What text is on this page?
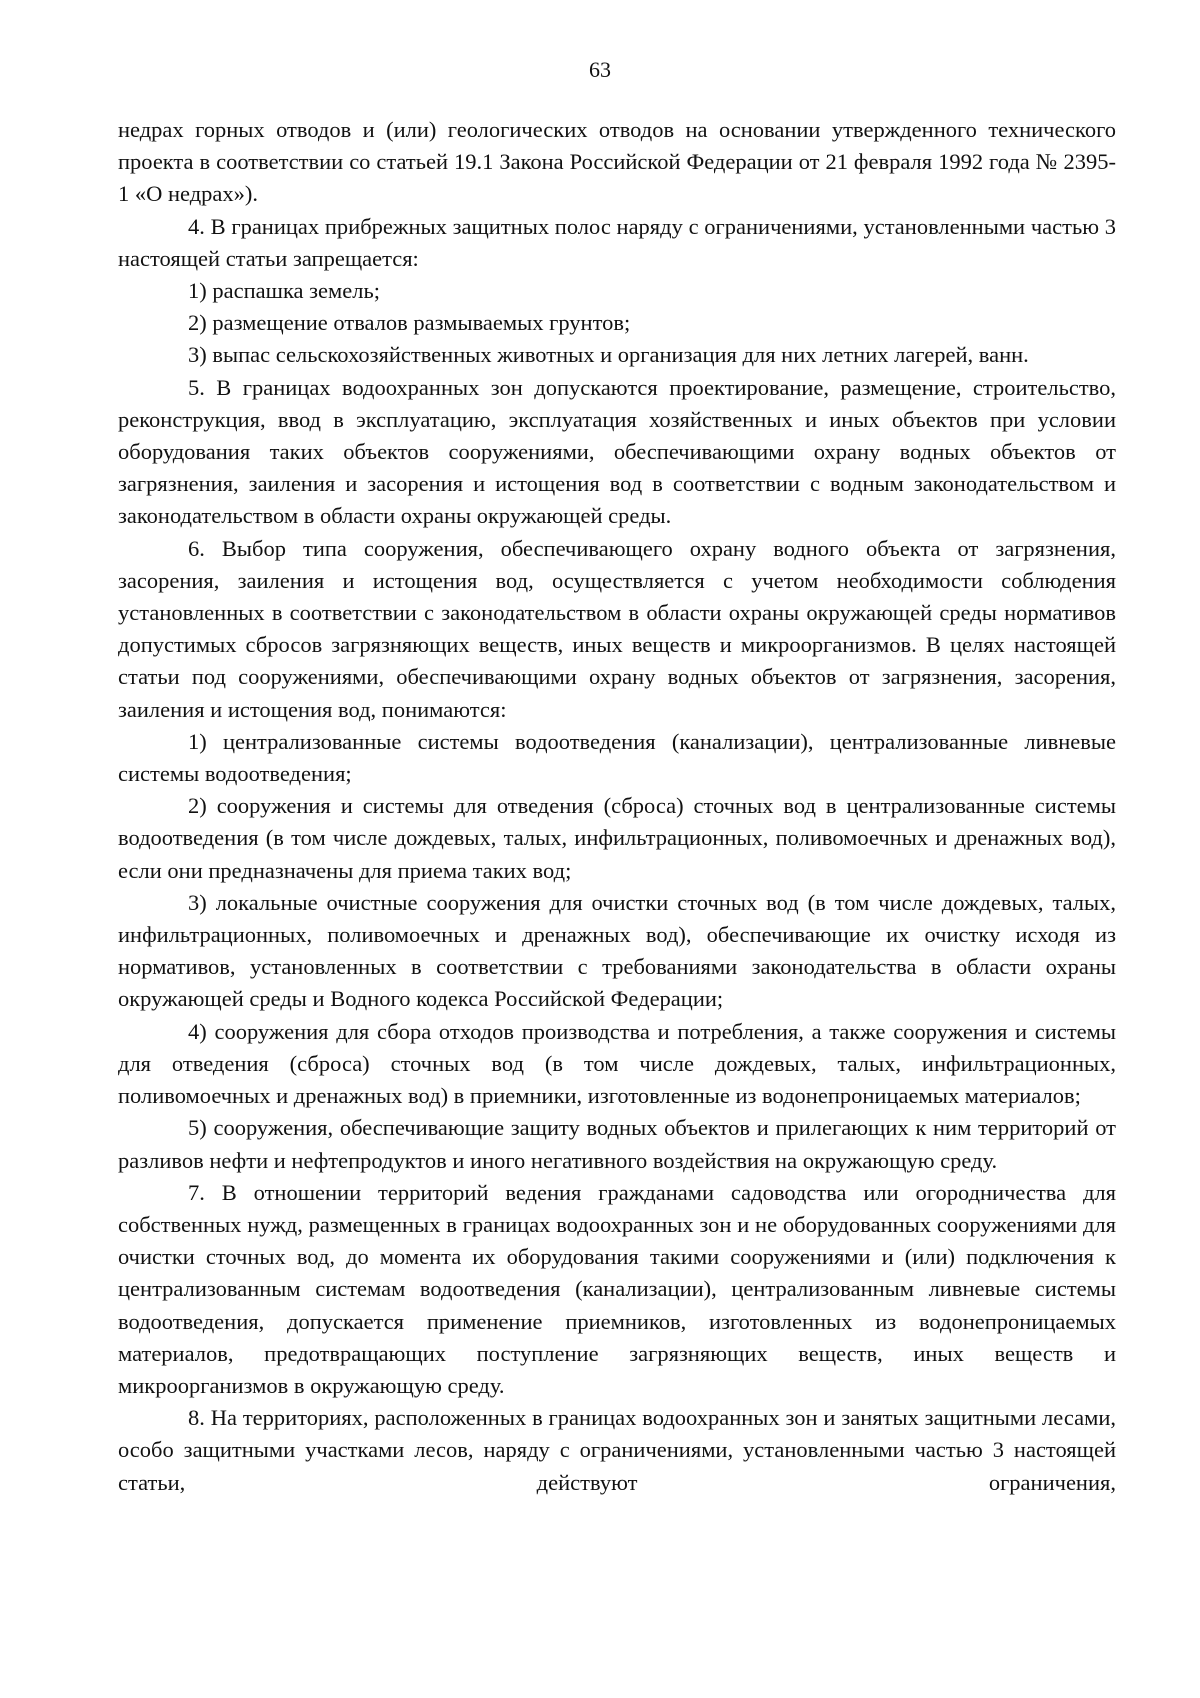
63

недрах горных отводов и (или) геологических отводов на основании утвержденного технического проекта в соответствии со статьей 19.1 Закона Российской Федерации от 21 февраля 1992 года № 2395-1 «О недрах»).

4. В границах прибрежных защитных полос наряду с ограничениями, установленными частью 3 настоящей статьи запрещается:

1) распашка земель;

2) размещение отвалов размываемых грунтов;

3) выпас сельскохозяйственных животных и организация для них летних лагерей, ванн.

5. В границах водоохранных зон допускаются проектирование, размещение, строительство, реконструкция, ввод в эксплуатацию, эксплуатация хозяйственных и иных объектов при условии оборудования таких объектов сооружениями, обеспечивающими охрану водных объектов от загрязнения, заиления и засорения и истощения вод в соответствии с водным законодательством и законодательством в области охраны окружающей среды.

6. Выбор типа сооружения, обеспечивающего охрану водного объекта от загрязнения, засорения, заиления и истощения вод, осуществляется с учетом необходимости соблюдения установленных в соответствии с законодательством в области охраны окружающей среды нормативов допустимых сбросов загрязняющих веществ, иных веществ и микроорганизмов. В целях настоящей статьи под сооружениями, обеспечивающими охрану водных объектов от загрязнения, засорения, заиления и истощения вод, понимаются:

1) централизованные системы водоотведения (канализации), централизованные ливневые системы водоотведения;

2) сооружения и системы для отведения (сброса) сточных вод в централизованные системы водоотведения (в том числе дождевых, талых, инфильтрационных, поливомоечных и дренажных вод), если они предназначены для приема таких вод;

3) локальные очистные сооружения для очистки сточных вод (в том числе дождевых, талых, инфильтрационных, поливомоечных и дренажных вод), обеспечивающие их очистку исходя из нормативов, установленных в соответствии с требованиями законодательства в области охраны окружающей среды и Водного кодекса Российской Федерации;

4) сооружения для сбора отходов производства и потребления, а также сооружения и системы для отведения (сброса) сточных вод (в том числе дождевых, талых, инфильтрационных, поливомоечных и дренажных вод) в приемники, изготовленные из водонепроницаемых материалов;

5) сооружения, обеспечивающие защиту водных объектов и прилегающих к ним территорий от разливов нефти и нефтепродуктов и иного негативного воздействия на окружающую среду.

7. В отношении территорий ведения гражданами садоводства или огородничества для собственных нужд, размещенных в границах водоохранных зон и не оборудованных сооружениями для очистки сточных вод, до момента их оборудования такими сооружениями и (или) подключения к централизованным системам водоотведения (канализации), централизованным ливневые системы водоотведения, допускается применение приемников, изготовленных из водонепроницаемых материалов, предотвращающих поступление загрязняющих веществ, иных веществ и микроорганизмов в окружающую среду.

8. На территориях, расположенных в границах водоохранных зон и занятых защитными лесами, особо защитными участками лесов, наряду с ограничениями, установленными частью 3 настоящей статьи, действуют ограничения,
